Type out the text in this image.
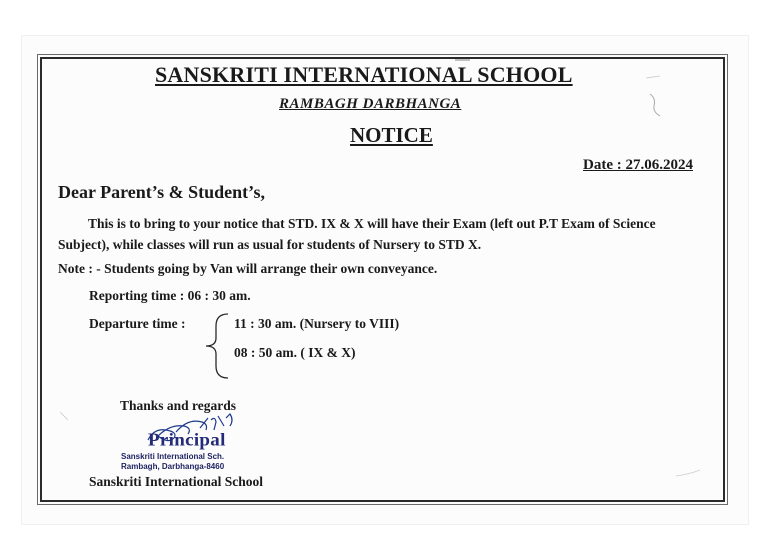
SANSKRITI INTERNATIONAL SCHOOL
RAMBAGH DARBHANGA
NOTICE
Date : 27.06.2024
Dear Parent’s & Student’s,
This is to bring to your notice that STD. IX & X will have their Exam (left out P.T Exam of Science Subject), while classes will run as usual for students of Nursery to STD X.
Note : - Students going by Van will arrange their own conveyance.
Reporting time : 06 : 30 am.
Departure time :	11 : 30 am. (Nursery to VIII)
08 : 50 am. ( IX & X)
Thanks and regards
Principal
Sanskriti International Sch.
Rambagh, Darbhanga-8460
Sanskriti International School
